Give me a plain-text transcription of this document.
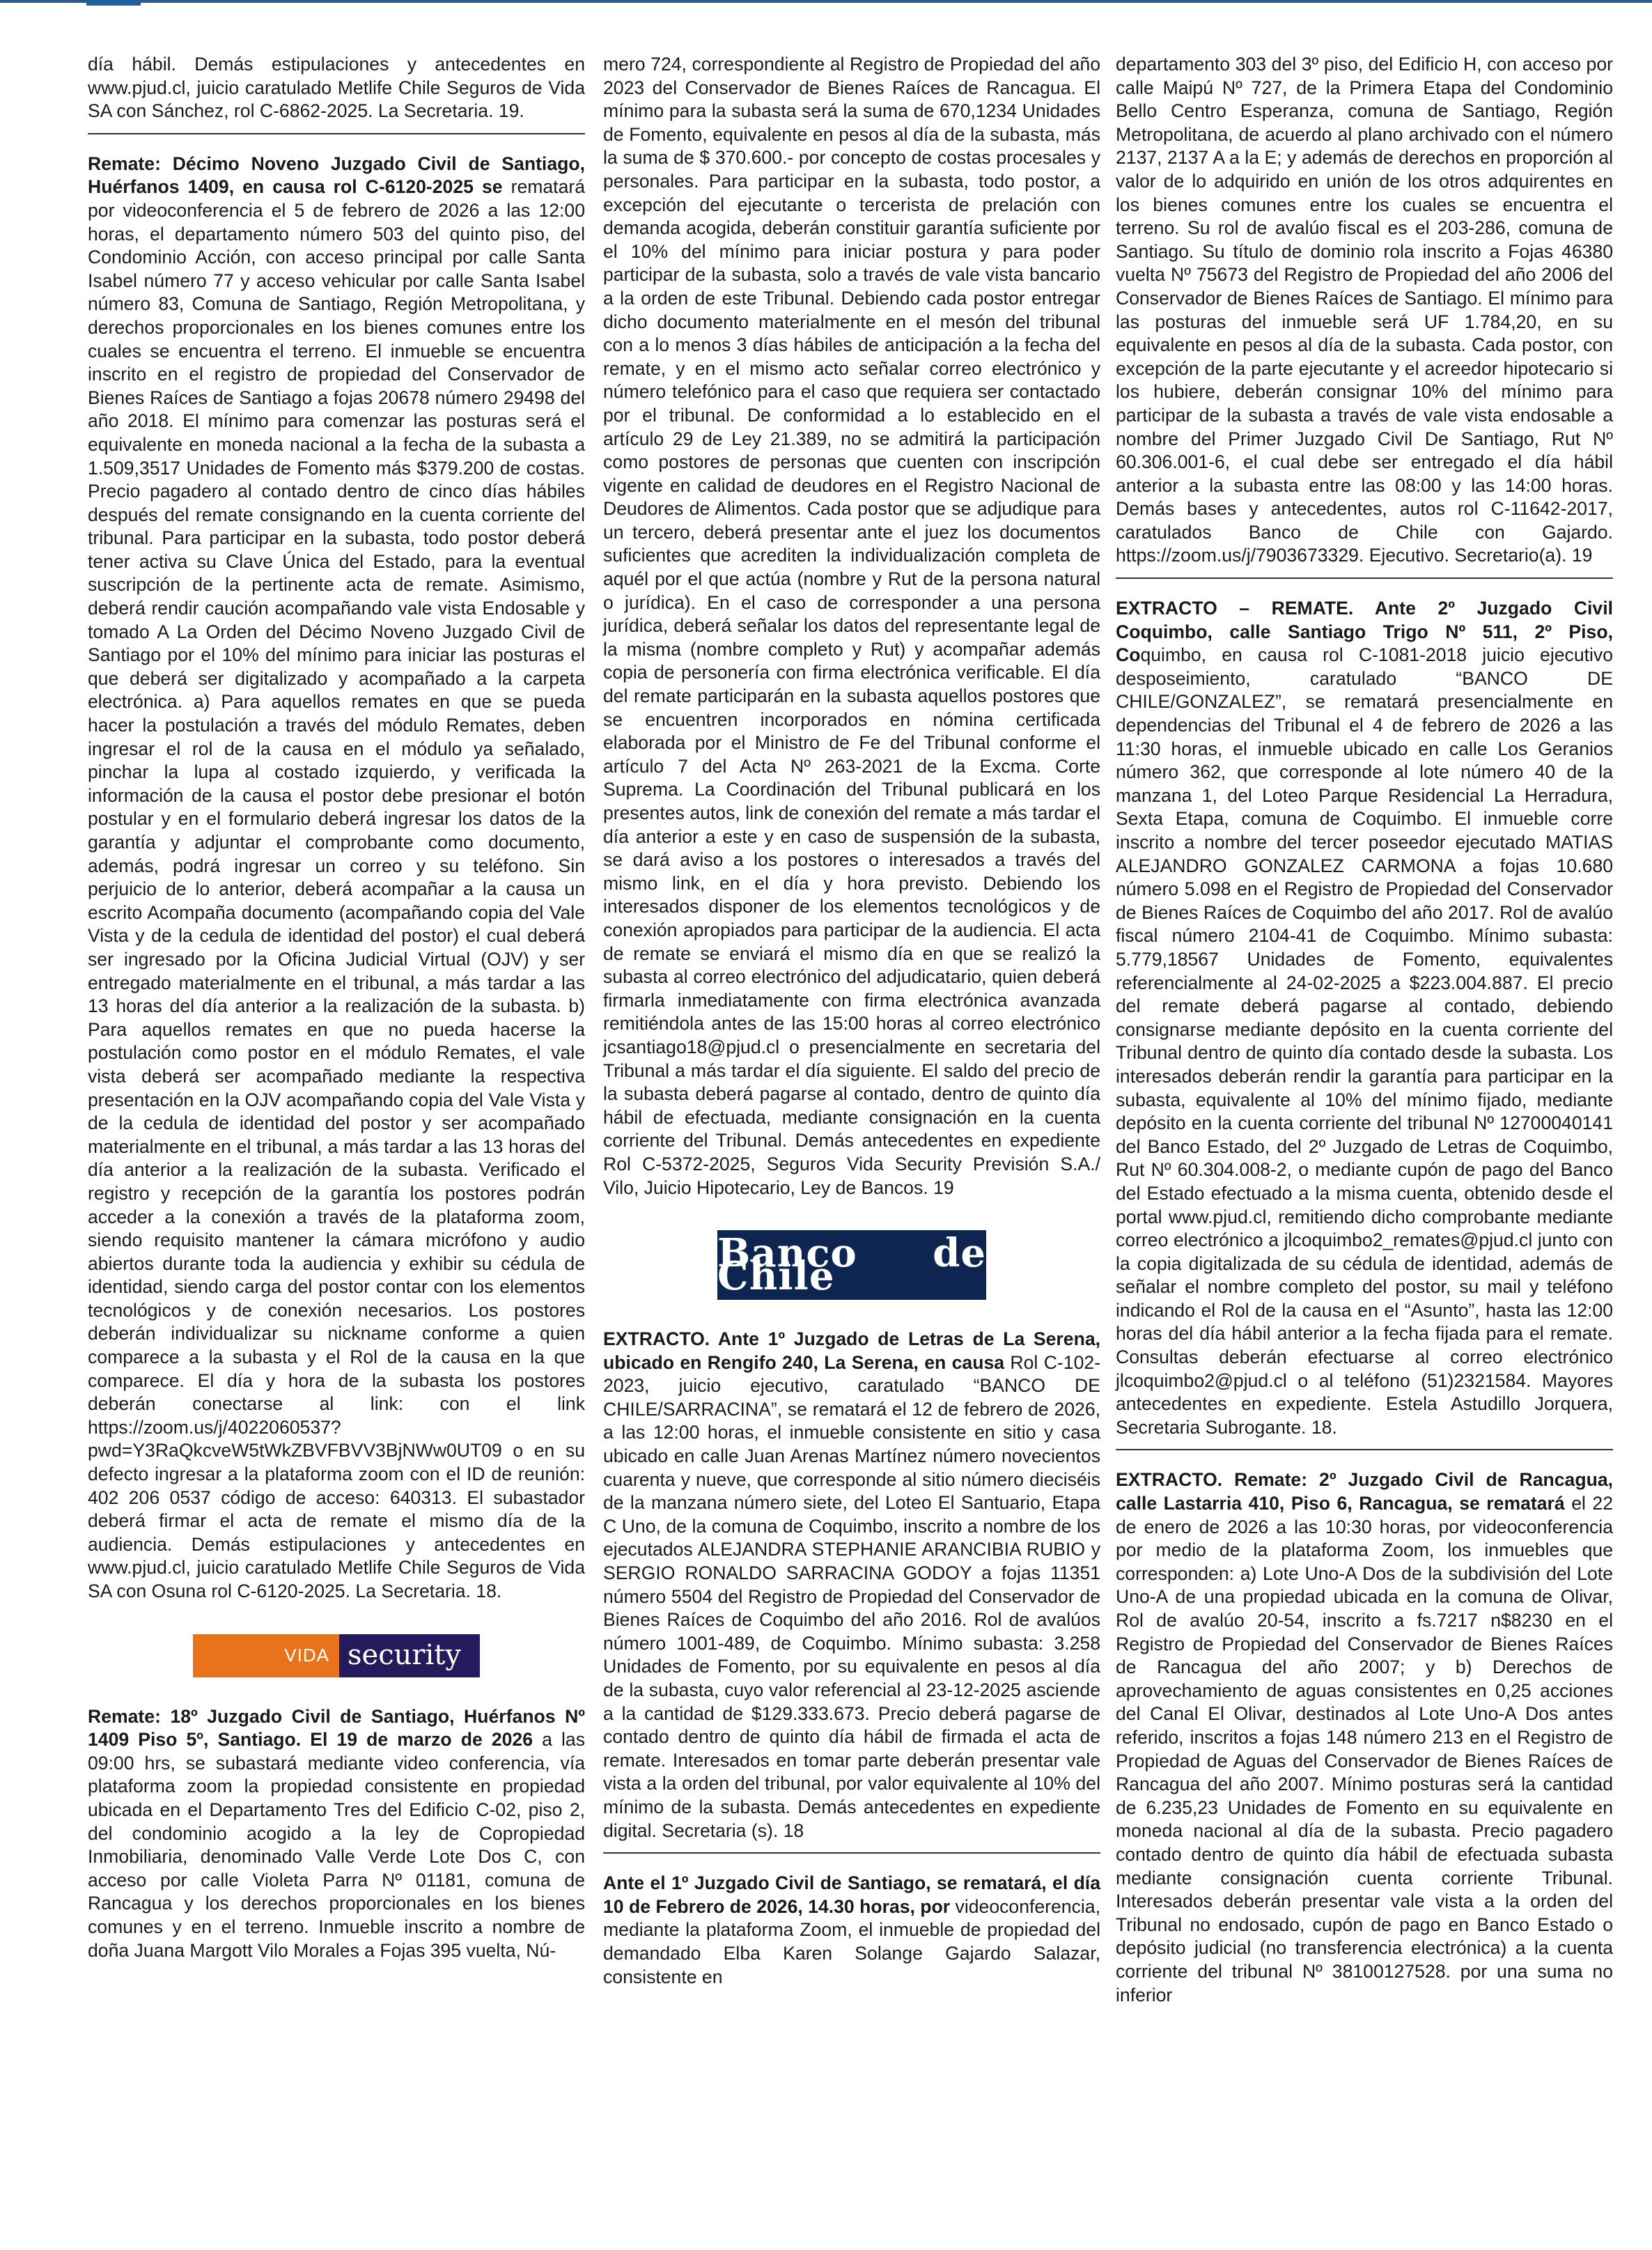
día hábil. Demás estipulaciones y antecedentes en www.pjud.cl, juicio caratulado Metlife Chile Seguros de Vida SA con Sánchez, rol C-6862-2025. La Secretaria. 19.

Remate: Décimo Noveno Juzgado Civil de Santiago, Huérfanos 1409, en causa rol C-6120-2025 se rematará por videoconferencia el 5 de febrero de 2026 a las 12:00 horas, el departamento número 503 del quinto piso, del Condominio Acción, con acceso principal por calle Santa Isabel número 77 y acceso vehicular por calle Santa Isabel número 83, Comuna de Santiago, Región Metropolitana, y derechos proporcionales en los bienes comunes entre los cuales se encuentra el terreno. El inmueble se encuentra inscrito en el registro de propiedad del Conservador de Bienes Raíces de Santiago a fojas 20678 número 29498 del año 2018. El mínimo para comenzar las posturas será el equivalente en moneda nacional a la fecha de la subasta a 1.509,3517 Unidades de Fomento más $379.200 de costas. Precio pagadero al contado dentro de cinco días hábiles después del remate consignando en la cuenta corriente del tribunal. Para participar en la subasta, todo postor deberá tener activa su Clave Única del Estado, para la eventual suscripción de la pertinente acta de remate. Asimismo, deberá rendir caución acompañando vale vista Endosable y tomado A La Orden del Décimo Noveno Juzgado Civil de Santiago por el 10% del mínimo para iniciar las posturas el que deberá ser digitalizado y acompañado a la carpeta electrónica. a) Para aquellos remates en que se pueda hacer la postulación a través del módulo Remates, deben ingresar el rol de la causa en el módulo ya señalado, pinchar la lupa al costado izquierdo, y verificada la información de la causa el postor debe presionar el botón postular y en el formulario deberá ingresar los datos de la garantía y adjuntar el comprobante como documento, además, podrá ingresar un correo y su teléfono. Sin perjuicio de lo anterior, deberá acompañar a la causa un escrito Acompaña documento (acompañando copia del Vale Vista y de la cedula de identidad del postor) el cual deberá ser ingresado por la Oficina Judicial Virtual (OJV) y ser entregado materialmente en el tribunal, a más tardar a las 13 horas del día anterior a la realización de la subasta. b) Para aquellos remates en que no pueda hacerse la postulación como postor en el módulo Remates, el vale vista deberá ser acompañado mediante la respectiva presentación en la OJV acompañando copia del Vale Vista y de la cedula de identidad del postor y ser acompañado materialmente en el tribunal, a más tardar a las 13 horas del día anterior a la realización de la subasta. Verificado el registro y recepción de la garantía los postores podrán acceder a la conexión a través de la plataforma zoom, siendo requisito mantener la cámara micrófono y audio abiertos durante toda la audiencia y exhibir su cédula de identidad, siendo carga del postor contar con los elementos tecnológicos y de conexión necesarios. Los postores deberán individualizar su nickname conforme a quien comparece a la subasta y el Rol de la causa en la que comparece. El día y hora de la subasta los postores deberán conectarse al link: con el link https://zoom.us/j/4022060537?pwd=Y3RaQkcveW5tWkZBVFBVV3BjNWw0UT09 o en su defecto ingresar a la plataforma zoom con el ID de reunión: 402 206 0537 código de acceso: 640313. El subastador deberá firmar el acta de remate el mismo día de la audiencia. Demás estipulaciones y antecedentes en www.pjud.cl, juicio caratulado Metlife Chile Seguros de Vida SA con Osuna rol C-6120-2025. La Secretaria. 18.

VIDA security

Remate: 18º Juzgado Civil de Santiago, Huérfanos Nº 1409 Piso 5º, Santiago. El 19 de marzo de 2026 a las 09:00 hrs, se subastará mediante video conferencia, vía plataforma zoom la propiedad consistente en propiedad ubicada en el Departamento Tres del Edificio C-02, piso 2, del condominio acogido a la ley de Copropiedad Inmobiliaria, denominado Valle Verde Lote Dos C, con acceso por calle Violeta Parra Nº 01181, comuna de Rancagua y los derechos proporcionales en los bienes comunes y en el terreno. Inmueble inscrito a nombre de doña Juana Margott Vilo Morales a Fojas 395 vuelta, Nú-

mero 724, correspondiente al Registro de Propiedad del año 2023 del Conservador de Bienes Raíces de Rancagua. El mínimo para la subasta será la suma de 670,1234 Unidades de Fomento, equivalente en pesos al día de la subasta, más la suma de $ 370.600.- por concepto de costas procesales y personales. Para participar en la subasta, todo postor, a excepción del ejecutante o tercerista de prelación con demanda acogida, deberán constituir garantía suficiente por el 10% del mínimo para iniciar postura y para poder participar de la subasta, solo a través de vale vista bancario a la orden de este Tribunal. Debiendo cada postor entregar dicho documento materialmente en el mesón del tribunal con a lo menos 3 días hábiles de anticipación a la fecha del remate, y en el mismo acto señalar correo electrónico y número telefónico para el caso que requiera ser contactado por el tribunal. De conformidad a lo establecido en el artículo 29 de Ley 21.389, no se admitirá la participación como postores de personas que cuenten con inscripción vigente en calidad de deudores en el Registro Nacional de Deudores de Alimentos. Cada postor que se adjudique para un tercero, deberá presentar ante el juez los documentos suficientes que acrediten la individualización completa de aquél por el que actúa (nombre y Rut de la persona natural o jurídica). En el caso de corresponder a una persona jurídica, deberá señalar los datos del representante legal de la misma (nombre completo y Rut) y acompañar además copia de personería con firma electrónica verificable. El día del remate participarán en la subasta aquellos postores que se encuentren incorporados en nómina certificada elaborada por el Ministro de Fe del Tribunal conforme el artículo 7 del Acta Nº 263-2021 de la Excma. Corte Suprema. La Coordinación del Tribunal publicará en los presentes autos, link de conexión del remate a más tardar el día anterior a este y en caso de suspensión de la subasta, se dará aviso a los postores o interesados a través del mismo link, en el día y hora previsto. Debiendo los interesados disponer de los elementos tecnológicos y de conexión apropiados para participar de la audiencia. El acta de remate se enviará el mismo día en que se realizó la subasta al correo electrónico del adjudicatario, quien deberá firmarla inmediatamente con firma electrónica avanzada remitiéndola antes de las 15:00 horas al correo electrónico jcsantiago18@pjud.cl o presencialmente en secretaria del Tribunal a más tardar el día siguiente. El saldo del precio de la subasta deberá pagarse al contado, dentro de quinto día hábil de efectuada, mediante consignación en la cuenta corriente del Tribunal. Demás antecedentes en expediente Rol C-5372-2025, Seguros Vida Security Previsión S.A./ Vilo, Juicio Hipotecario, Ley de Bancos. 19

Banco de Chile

EXTRACTO. Ante 1º Juzgado de Letras de La Serena, ubicado en Rengifo 240, La Serena, en causa Rol C-102-2023, juicio ejecutivo, caratulado “BANCO DE CHILE/SARRACINA”, se rematará el 12 de febrero de 2026, a las 12:00 horas, el inmueble consistente en sitio y casa ubicado en calle Juan Arenas Martínez número novecientos cuarenta y nueve, que corresponde al sitio número dieciséis de la manzana número siete, del Loteo El Santuario, Etapa C Uno, de la comuna de Coquimbo, inscrito a nombre de los ejecutados ALEJANDRA STEPHANIE ARANCIBIA RUBIO y SERGIO RONALDO SARRACINA GODOY a fojas 11351 número 5504 del Registro de Propiedad del Conservador de Bienes Raíces de Coquimbo del año 2016. Rol de avalúos número 1001-489, de Coquimbo. Mínimo subasta: 3.258 Unidades de Fomento, por su equivalente en pesos al día de la subasta, cuyo valor referencial al 23-12-2025 asciende a la cantidad de $129.333.673. Precio deberá pagarse de contado dentro de quinto día hábil de firmada el acta de remate. Interesados en tomar parte deberán presentar vale vista a la orden del tribunal, por valor equivalente al 10% del mínimo de la subasta. Demás antecedentes en expediente digital. Secretaria (s). 18

Ante el 1º Juzgado Civil de Santiago, se rematará, el día 10 de Febrero de 2026, 14.30 horas, por videoconferencia, mediante la plataforma Zoom, el inmueble de propiedad del demandado Elba Karen Solange Gajardo Salazar, consistente en

departamento 303 del 3º piso, del Edificio H, con acceso por calle Maipú Nº 727, de la Primera Etapa del Condominio Bello Centro Esperanza, comuna de Santiago, Región Metropolitana, de acuerdo al plano archivado con el número 2137, 2137 A a la E; y además de derechos en proporción al valor de lo adquirido en unión de los otros adquirentes en los bienes comunes entre los cuales se encuentra el terreno. Su rol de avalúo fiscal es el 203-286, comuna de Santiago. Su título de dominio rola inscrito a Fojas 46380 vuelta Nº 75673 del Registro de Propiedad del año 2006 del Conservador de Bienes Raíces de Santiago. El mínimo para las posturas del inmueble será UF 1.784,20, en su equivalente en pesos al día de la subasta. Cada postor, con excepción de la parte ejecutante y el acreedor hipotecario si los hubiere, deberán consignar 10% del mínimo para participar de la subasta a través de vale vista endosable a nombre del Primer Juzgado Civil De Santiago, Rut Nº 60.306.001-6, el cual debe ser entregado el día hábil anterior a la subasta entre las 08:00 y las 14:00 horas. Demás bases y antecedentes, autos rol C-11642-2017, caratulados Banco de Chile con Gajardo. https://zoom.us/j/7903673329. Ejecutivo. Secretario(a). 19

EXTRACTO – REMATE. Ante 2º Juzgado Civil Coquimbo, calle Santiago Trigo Nº 511, 2º Piso, Coquimbo, en causa rol C-1081-2018 juicio ejecutivo desposeimiento, caratulado “BANCO DE CHILE/GONZALEZ”, se rematará presencialmente en dependencias del Tribunal el 4 de febrero de 2026 a las 11:30 horas, el inmueble ubicado en calle Los Geranios número 362, que corresponde al lote número 40 de la manzana 1, del Loteo Parque Residencial La Herradura, Sexta Etapa, comuna de Coquimbo. El inmueble corre inscrito a nombre del tercer poseedor ejecutado MATIAS ALEJANDRO GONZALEZ CARMONA a fojas 10.680 número 5.098 en el Registro de Propiedad del Conservador de Bienes Raíces de Coquimbo del año 2017. Rol de avalúo fiscal número 2104-41 de Coquimbo. Mínimo subasta: 5.779,18567 Unidades de Fomento, equivalentes referencialmente al 24-02-2025 a $223.004.887. El precio del remate deberá pagarse al contado, debiendo consignarse mediante depósito en la cuenta corriente del Tribunal dentro de quinto día contado desde la subasta. Los interesados deberán rendir la garantía para participar en la subasta, equivalente al 10% del mínimo fijado, mediante depósito en la cuenta corriente del tribunal Nº 12700040141 del Banco Estado, del 2º Juzgado de Letras de Coquimbo, Rut Nº 60.304.008-2, o mediante cupón de pago del Banco del Estado efectuado a la misma cuenta, obtenido desde el portal www.pjud.cl, remitiendo dicho comprobante mediante correo electrónico a jlcoquimbo2_remates@pjud.cl junto con la copia digitalizada de su cédula de identidad, además de señalar el nombre completo del postor, su mail y teléfono indicando el Rol de la causa en el “Asunto”, hasta las 12:00 horas del día hábil anterior a la fecha fijada para el remate. Consultas deberán efectuarse al correo electrónico jlcoquimbo2@pjud.cl o al teléfono (51)2321584. Mayores antecedentes en expediente. Estela Astudillo Jorquera, Secretaria Subrogante. 18.

EXTRACTO. Remate: 2º Juzgado Civil de Rancagua, calle Lastarria 410, Piso 6, Rancagua, se rematará el 22 de enero de 2026 a las 10:30 horas, por videoconferencia por medio de la plataforma Zoom, los inmuebles que corresponden: a) Lote Uno-A Dos de la subdivisión del Lote Uno-A de una propiedad ubicada en la comuna de Olivar, Rol de avalúo 20-54, inscrito a fs.7217 n$8230 en el Registro de Propiedad del Conservador de Bienes Raíces de Rancagua del año 2007; y b) Derechos de aprovechamiento de aguas consistentes en 0,25 acciones del Canal El Olivar, destinados al Lote Uno-A Dos antes referido, inscritos a fojas 148 número 213 en el Registro de Propiedad de Aguas del Conservador de Bienes Raíces de Rancagua del año 2007. Mínimo posturas será la cantidad de 6.235,23 Unidades de Fomento en su equivalente en moneda nacional al día de la subasta. Precio pagadero contado dentro de quinto día hábil de efectuada subasta mediante consignación cuenta corriente Tribunal. Interesados deberán presentar vale vista a la orden del Tribunal no endosado, cupón de pago en Banco Estado o depósito judicial (no transferencia electrónica) a la cuenta corriente del tribunal Nº 38100127528. por una suma no inferior
